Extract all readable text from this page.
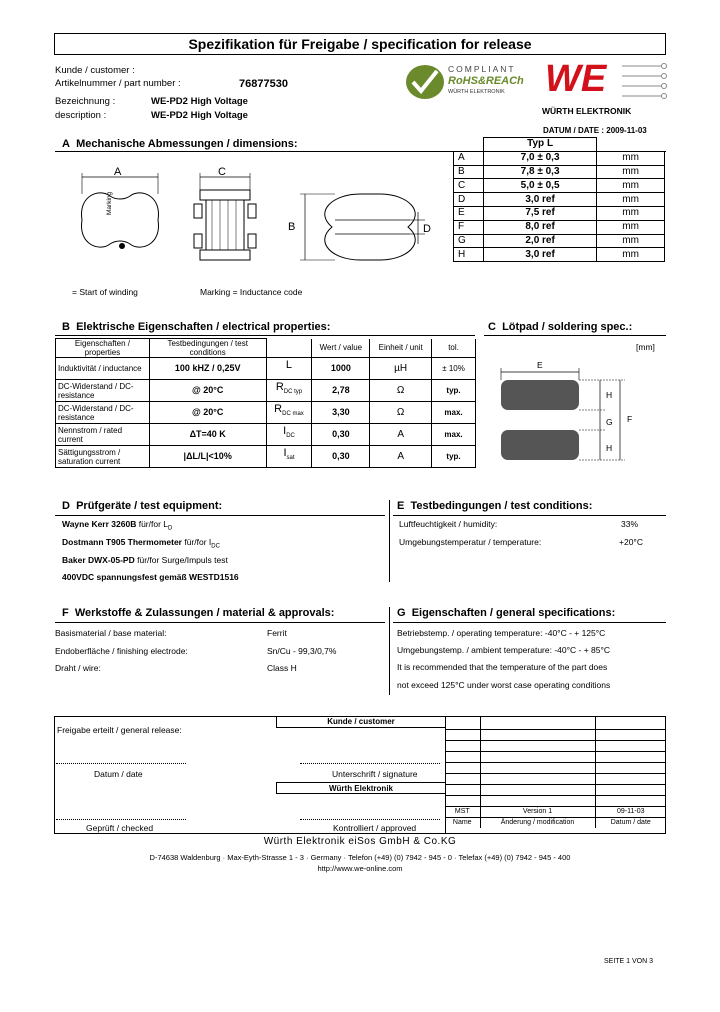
Spezifikation für Freigabe / specification for release
Kunde / customer :
Artikelnummer / part number :	76877530
Bezeichnung :	WE-PD2 High Voltage
description :	WE-PD2 High Voltage
COMPLIANT
RoHS&REACh
WÜRTH ELEKTRONIK WE
WÜRTH ELEKTRONIK
DATUM / DATE : 2009-11-03
A Mechanische Abmessungen / dimensions:
A	C
B	D
Marking
= Start of winding	Marking = Inductance code
	Typ L	
A	7,0 ± 0,3	mm
B	7,8 ± 0,3	mm
C	5,0 ± 0,5	mm
D	3,0 ref	mm
E	7,5 ref	mm
F	8,0 ref	mm
G	2,0 ref	mm
H	3,0 ref	mm
B Elektrische Eigenschaften / electrical properties:
Eigenschaften / properties	Testbedingungen / test conditions		Wert / value	Einheit / unit	tol.
Induktivität / inductance	100 kHZ / 0,25V	L	1000	µH	± 10%
DC-Widerstand / DC-resistance	@ 20°C	$R_{DC typ}$	2,78	Ω	typ.
DC-Widerstand / DC-resistance	@ 20°C	$R_{DC max}$	3,30	Ω	max.
Nennstrom / rated current	ΔT=40 K	$I_{DC}$	0,30	A	max.
Sättigungsstrom / saturation current	|ΔL/L|<10%	$I_{sat}$	0,30	A	typ.
C Lötpad / soldering spec.:
[mm]
E
H
G
H
F
D Prüfgeräte / test equipment:
Wayne Kerr 3260B für/for $L_D$
Dostmann T905 Thermometer für/for $I_{DC}$
Baker DWX-05-PD für/for Surge/Impuls test
400VDC spannungsfest gemäß WESTD1516
E Testbedingungen / test conditions:
Luftfeuchtigkeit / humidity:	33%
Umgebungstemperatur / temperature:	+20°C
F Werkstoffe & Zulassungen / material & approvals:
Basismaterial / base material:	Ferrit
Endoberfläche / finishing electrode:	Sn/Cu - 99,3/0,7%
Draht / wire:	Class H
G Eigenschaften / general specifications:
Betriebstemp. / operating temperature: -40°C - + 125°C
Umgebungstemp. / ambient temperature: -40°C - + 85°C
It is recommended that the temperature of the part does
not exceed 125°C under worst case operating conditions
Kunde / customer
Freigabe erteilt / general release:
Datum / date	Unterschrift / signature
Würth Elektronik
Geprüft / checked	Kontrolliert / approved

MST	Version 1	09-11-03
Name	Änderung / modification	Datum / date
Würth Elektronik eiSos GmbH & Co.KG
D-74638 Waldenburg · Max-Eyth-Strasse 1 - 3 · Germany · Telefon (+49) (0) 7942 - 945 - 0 · Telefax (+49) (0) 7942 - 945 - 400
http://www.we-online.com
SEITE 1 VON 3
